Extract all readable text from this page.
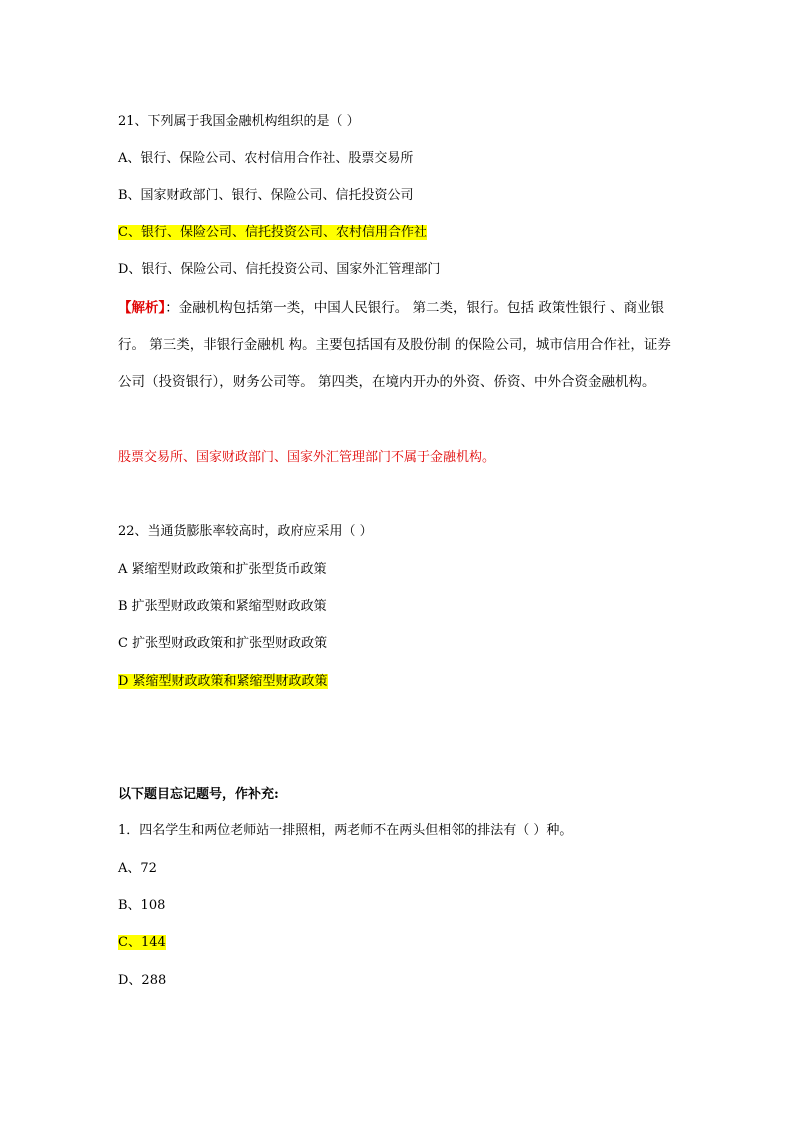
21、下列属于我国金融机构组织的是（ ）
A、银行、保险公司、农村信用合作社、股票交易所
B、国家财政部门、银行、保险公司、信托投资公司
C、银行、保险公司、信托投资公司、农村信用合作社
D、银行、保险公司、信托投资公司、国家外汇管理部门
【解析】：金融机构包括第一类，中国人民银行。 第二类，银行。包括 政策性银行 、商业银行。 第三类，非银行金融机 构。主要包括国有及股份制 的保险公司，城市信用合作社，证券公司（投资银行），财务公司等。 第四类，在境内开办的外资、侨资、中外合资金融机构。
股票交易所、国家财政部门、国家外汇管理部门不属于金融机构。
22、当通货膨胀率较高时，政府应采用（ ）
A 紧缩型财政政策和扩张型货币政策
B 扩张型财政政策和紧缩型财政政策
C 扩张型财政政策和扩张型财政政策
D 紧缩型财政政策和紧缩型财政政策
以下题目忘记题号，作补充:
1．四名学生和两位老师站一排照相，两老师不在两头但相邻的排法有（ ）种。
A、72
B、108
C、144
D、288
